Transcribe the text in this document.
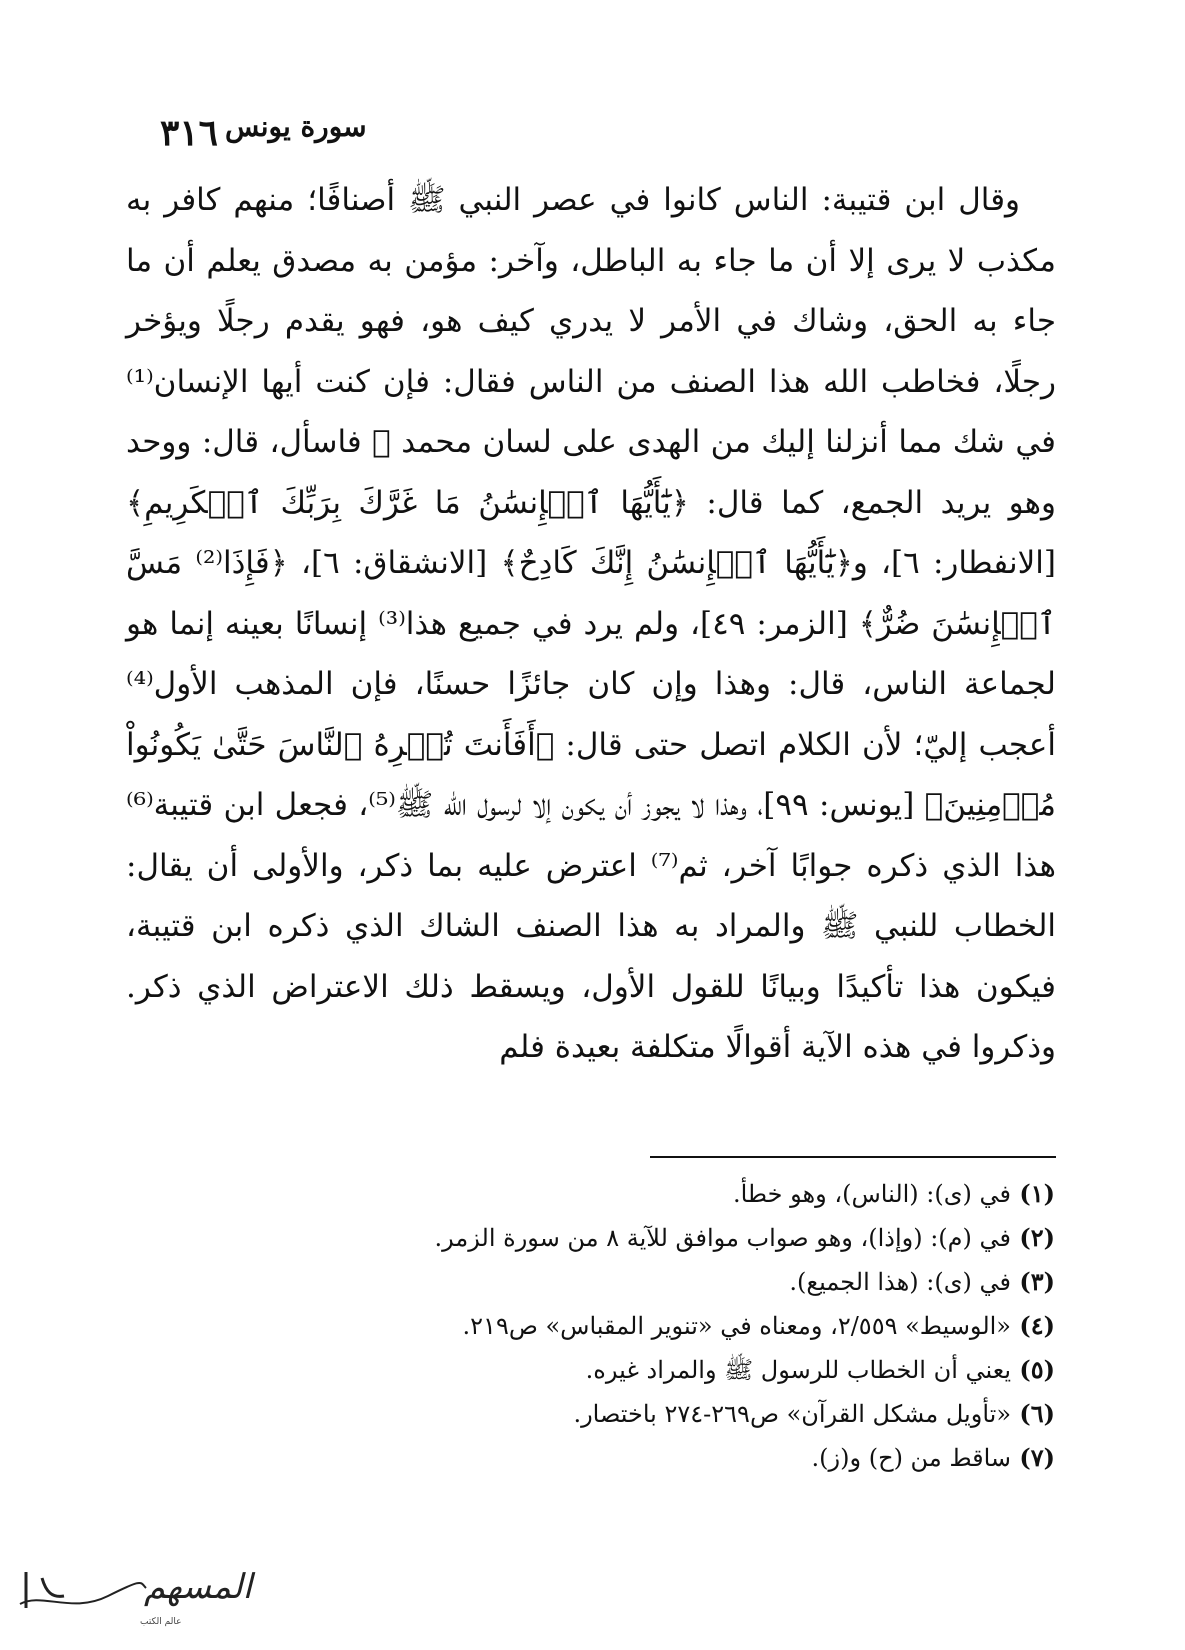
٣١٦ سورة يونس

وقال ابن قتيبة: الناس كانوا في عصر النبي ﷺ أصنافًا؛ منهم كافر به مكذب لا يرى إلا أن ما جاء به الباطل، وآخر: مؤمن به مصدق يعلم أن ما جاء به الحق، وشاك في الأمر لا يدري كيف هو، فهو يقدم رجلًا ويؤخر رجلًا، فخاطب الله هذا الصنف من الناس فقال: فإن كنت أيها الإنسان⁽¹⁾ في شك مما أنزلنا إليك من الهدى على لسان محمد ﷺ فاسأل، قال: ووحد وهو يريد الجمع، كما قال: ﴿يَٰٓأَيُّهَا ٱلۡإِنسَٰنُ مَا غَرَّكَ بِرَبِّكَ ٱلۡكَرِيمِ﴾ [الانفطار: ٦]، و﴿يَٰٓأَيُّهَا ٱلۡإِنسَٰنُ إِنَّكَ كَادِحٌ﴾ [الانشقاق: ٦]، ﴿فَإِذَا⁽²⁾ مَسَّ ٱلۡإِنسَٰنَ ضُرٌّ﴾ [الزمر: ٤٩]، ولم يرد في جميع هذا⁽³⁾ إنسانًا بعينه إنما هو لجماعة الناس، قال: وهذا وإن كان جائزًا حسنًا، فإن المذهب الأول⁽⁴⁾ أعجب إليّ؛ لأن الكلام اتصل حتى قال: ﴿أَفَأَنتَ تُكۡرِهُ ٱلنَّاسَ حَتَّىٰ يَكُونُواْ مُؤۡمِنِينَ﴾ [يونس: ٩٩]، وهذا لا يجوز أن يكون إلا لرسول الله ﷺ⁽⁵⁾، فجعل ابن قتيبة⁽⁶⁾ هذا الذي ذكره جوابًا آخر، ثم⁽⁷⁾ اعترض عليه بما ذكر، والأولى أن يقال: الخطاب للنبي ﷺ والمراد به هذا الصنف الشاك الذي ذكره ابن قتيبة، فيكون هذا تأكيدًا وبيانًا للقول الأول، ويسقط ذلك الاعتراض الذي ذكر. وذكروا في هذه الآية أقوالًا متكلفة بعيدة فلم

(١)في (ى): (الناس)، وهو خطأ.
(٢)في (م): (وإذا)، وهو صواب موافق للآية ٨ من سورة الزمر.
(٣)في (ى): (هذا الجميع).
(٤)«الوسيط» ٢/٥٥٩، ومعناه في «تنوير المقباس» ص٢١٩.
(٥)يعني أن الخطاب للرسول ﷺ والمراد غيره.
(٦)«تأويل مشكل القرآن» ص٢٦٩-٢٧٤ باختصار.
(٧)ساقط من (ح) و(ز).
المسهم
عالم الكتب
